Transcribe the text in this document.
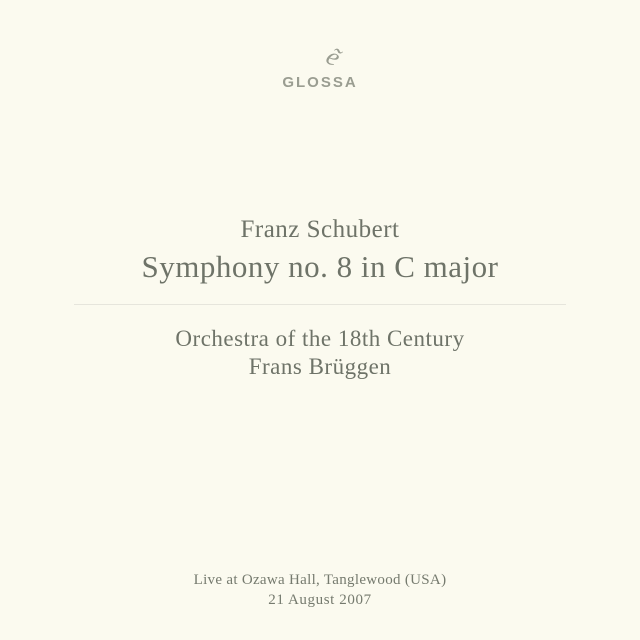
ẽ
GLOSSA
Franz Schubert
Symphony no. 8 in C major
Orchestra of the 18th Century
Frans Brüggen
Live at Ozawa Hall, Tanglewood (USA)
21 August 2007
